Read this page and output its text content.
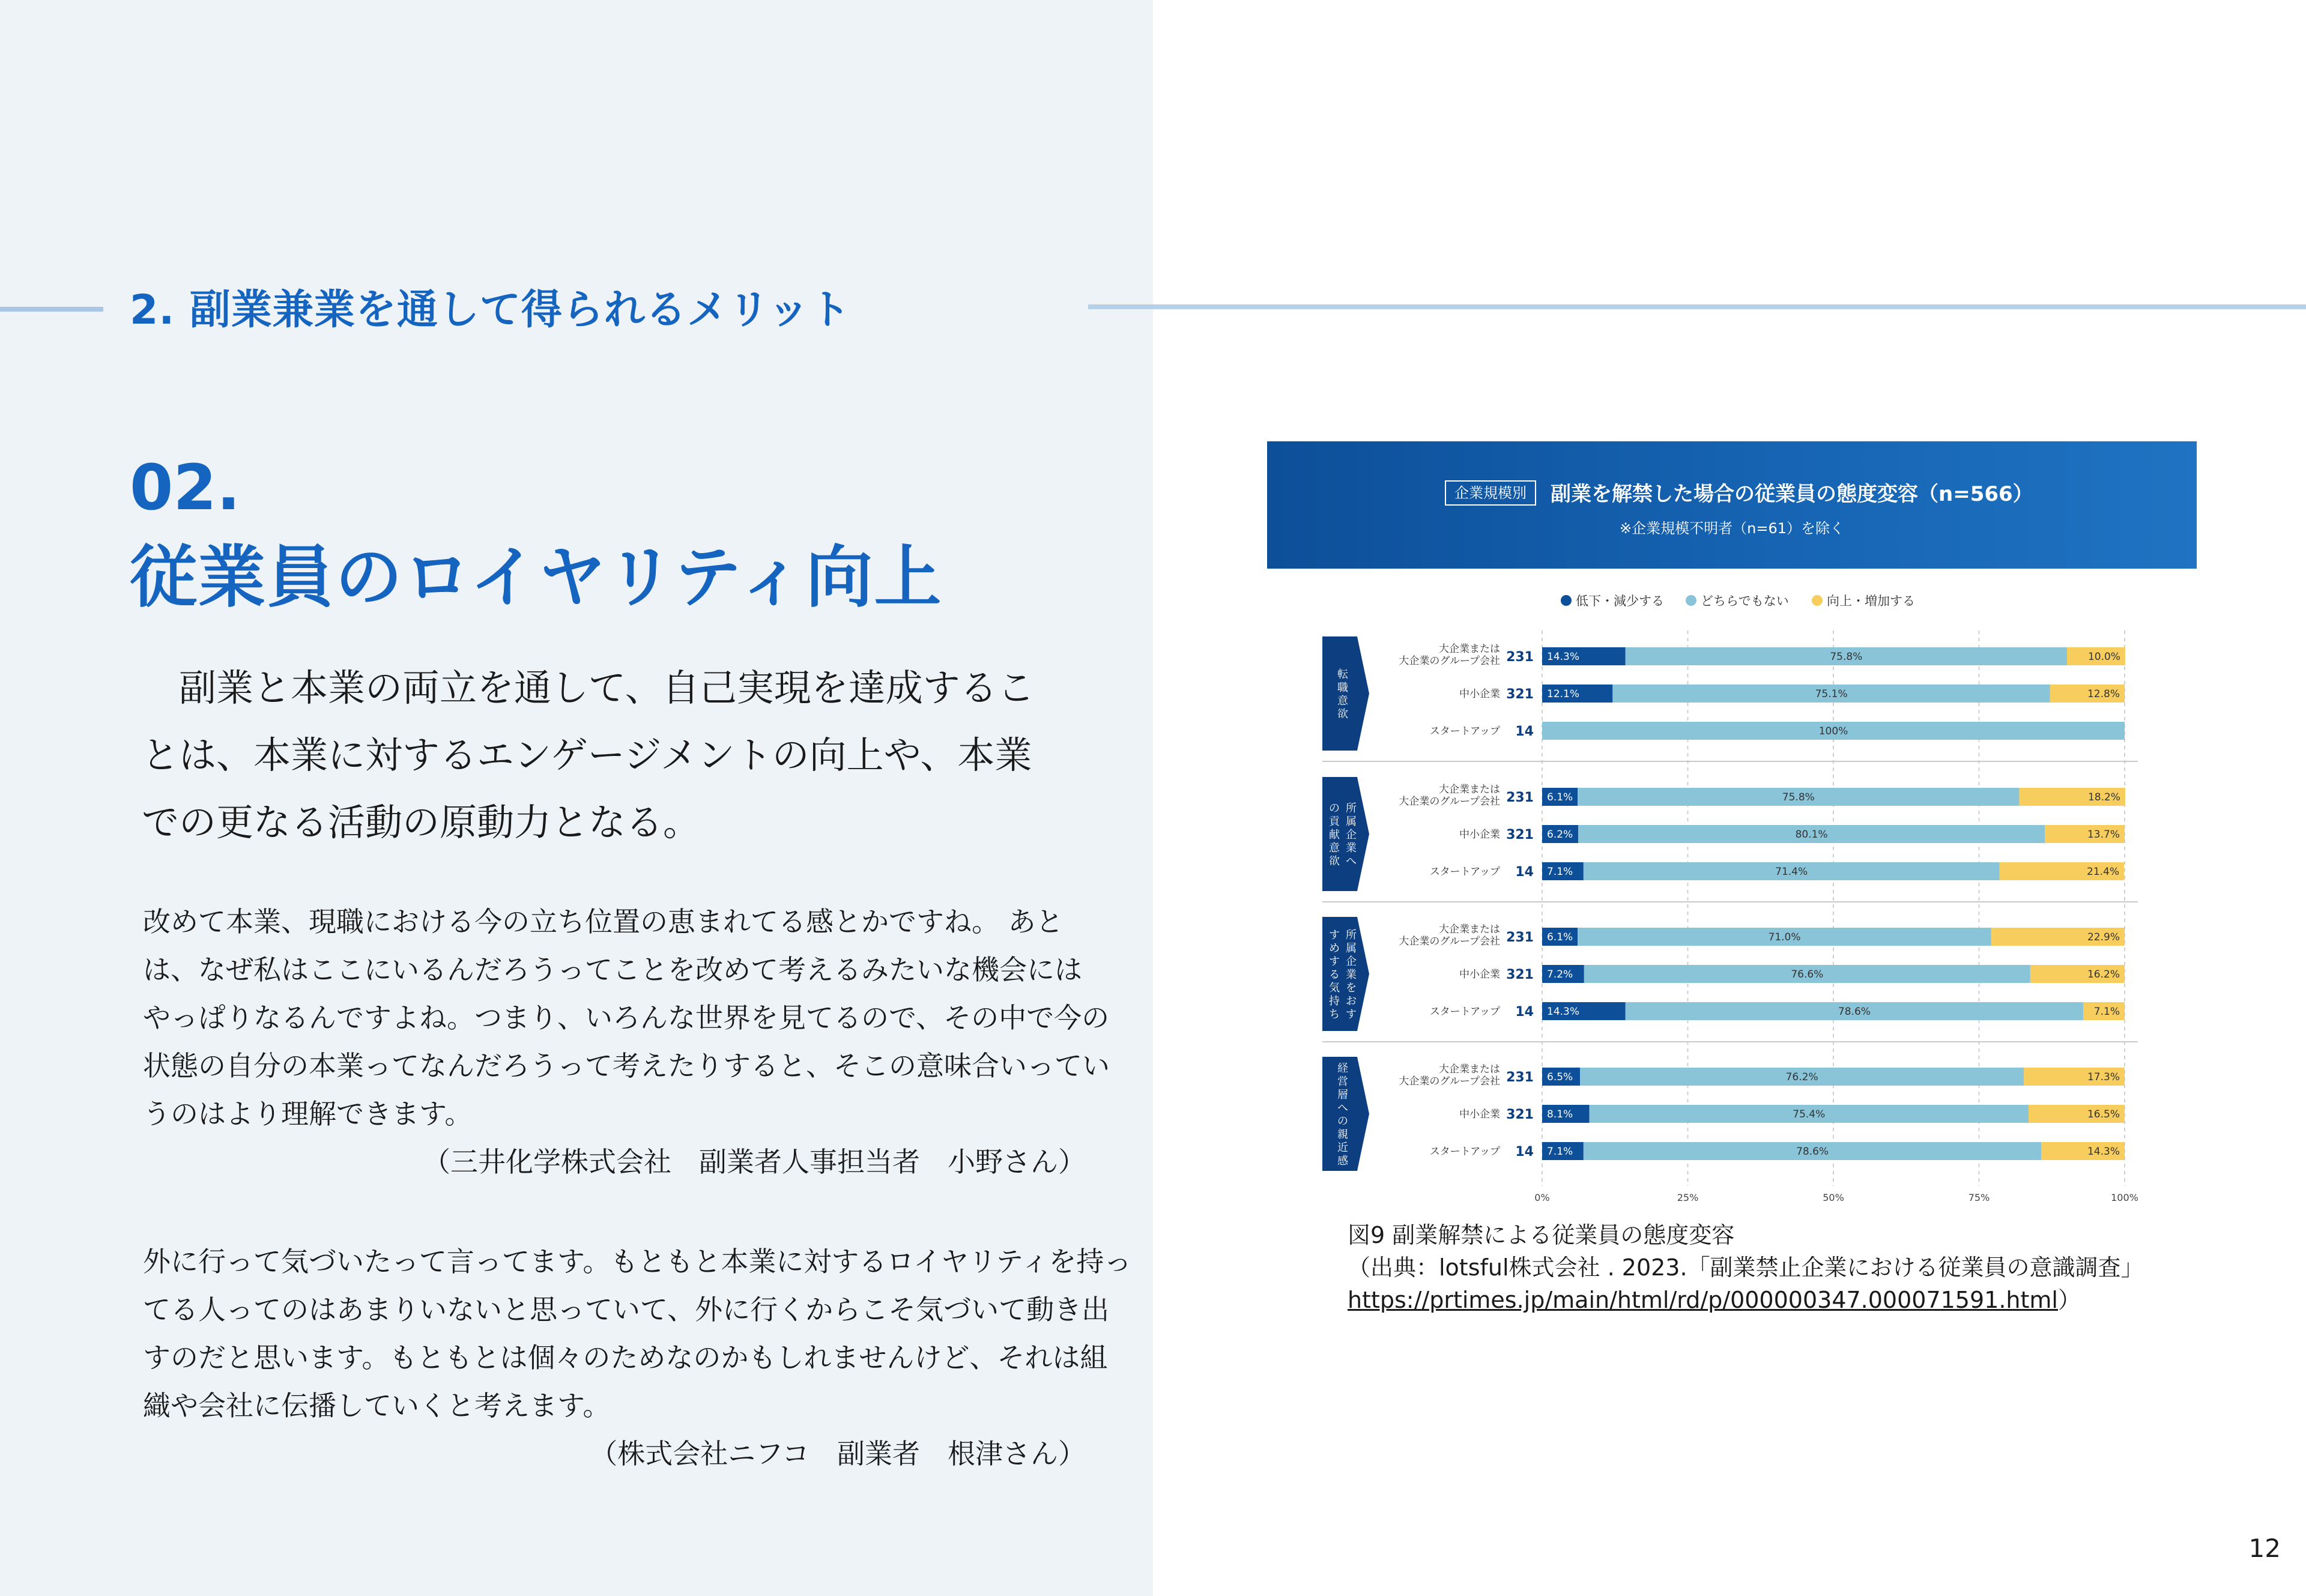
2. 副業兼業を通して得られるメリット
02.
従業員のロイヤリティ向上

　副業と本業の両立を通して、自己実現を達成するこ

とは、本業に対するエンゲージメントの向上や、本業

での更なる活動の原動力となる。

改めて本業、現職における今の立ち位置の恵まれてる感とかですね。 あと

は、なぜ私はここにいるんだろうってことを改めて考えるみたいな機会には

やっぱりなるんですよね。つまり、いろんな世界を見てるので、その中で今の

状態の自分の本業ってなんだろうって考えたりすると、そこの意味合いってい

うのはより理解できます。

（三井化学株式会社　副業者人事担当者　小野さん）

外に行って気づいたって言ってます。もともと本業に対するロイヤリティを持っ

てる人ってのはあまりいないと思っていて、外に行くからこそ気づいて動き出

すのだと思います。もともとは個々のためなのかもしれませんけど、それは組

織や会社に伝播していくと考えます。

（株式会社ニフコ　副業者　根津さん）

企業規模別	副業を解禁した場合の従業員の態度変容（n=566）
※企業規模不明者（n=61）を除く
低下・減少する	どちらでもない	向上・増加する
転
職
意
欲
大企業または
大企業のグループ会社 231 14.3%	75.8%	10.0%
中小企業 321 12.1%	75.1%	12.8%
スタートアップ 14	100%
所
属
企
業
へ
の
貢
献
意
欲
大企業または
大企業のグループ会社 231 6.1%	75.8%	18.2%
中小企業 321 6.2%	80.1%	13.7%
スタートアップ 14 7.1%	71.4%	21.4%
所
属
企
業
を
お
す
す
め
す
る
気
持
ち
大企業または
大企業のグループ会社 231 6.1%	71.0%	22.9%
中小企業 321 7.2%	76.6%	16.2%
スタートアップ 14 14.3%	78.6%	7.1%
経
営
層
へ
の
親
近
感
大企業または
大企業のグループ会社 231 6.5%	76.2%	17.3%
中小企業 321 8.1%	75.4%	16.5%
スタートアップ 14 7.1%	78.6%	14.3%
0%	25%	50%	75%	100%

図9 副業解禁による従業員の態度変容

（出典：lotsful株式会社 . 2023.「副業禁止企業における従業員の意識調査」

https://prtimes.jp/main/html/rd/p/000000347.000071591.html）

12
